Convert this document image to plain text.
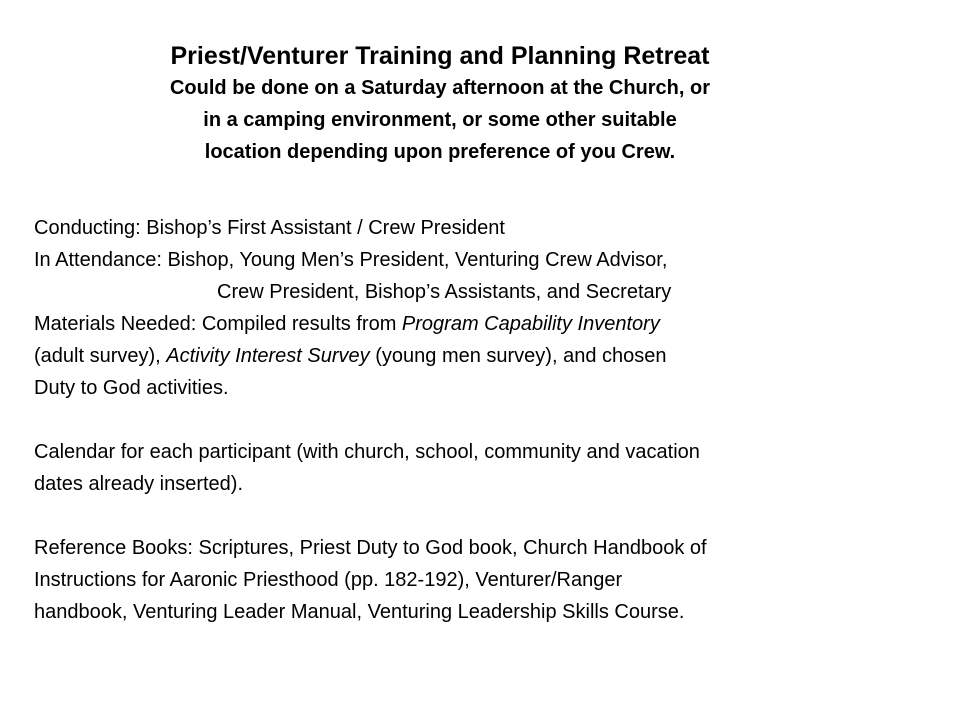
Priest/Venturer Training and Planning Retreat

Could be done on a Saturday afternoon at the Church, or

in a camping environment, or some other suitable

location depending upon preference of you Crew.

Conducting: Bishop’s First Assistant / Crew President

In Attendance: Bishop, Young Men’s President, Venturing Crew Advisor,

Crew President, Bishop’s Assistants, and Secretary

Materials Needed: Compiled results from Program Capability Inventory

(adult survey), Activity Interest Survey (young men survey), and chosen

Duty to God activities.

Calendar for each participant (with church, school, community and vacation

dates already inserted).

Reference Books: Scriptures, Priest Duty to God book, Church Handbook of

Instructions for Aaronic Priesthood (pp. 182-192), Venturer/Ranger

handbook, Venturing Leader Manual, Venturing Leadership Skills Course.
